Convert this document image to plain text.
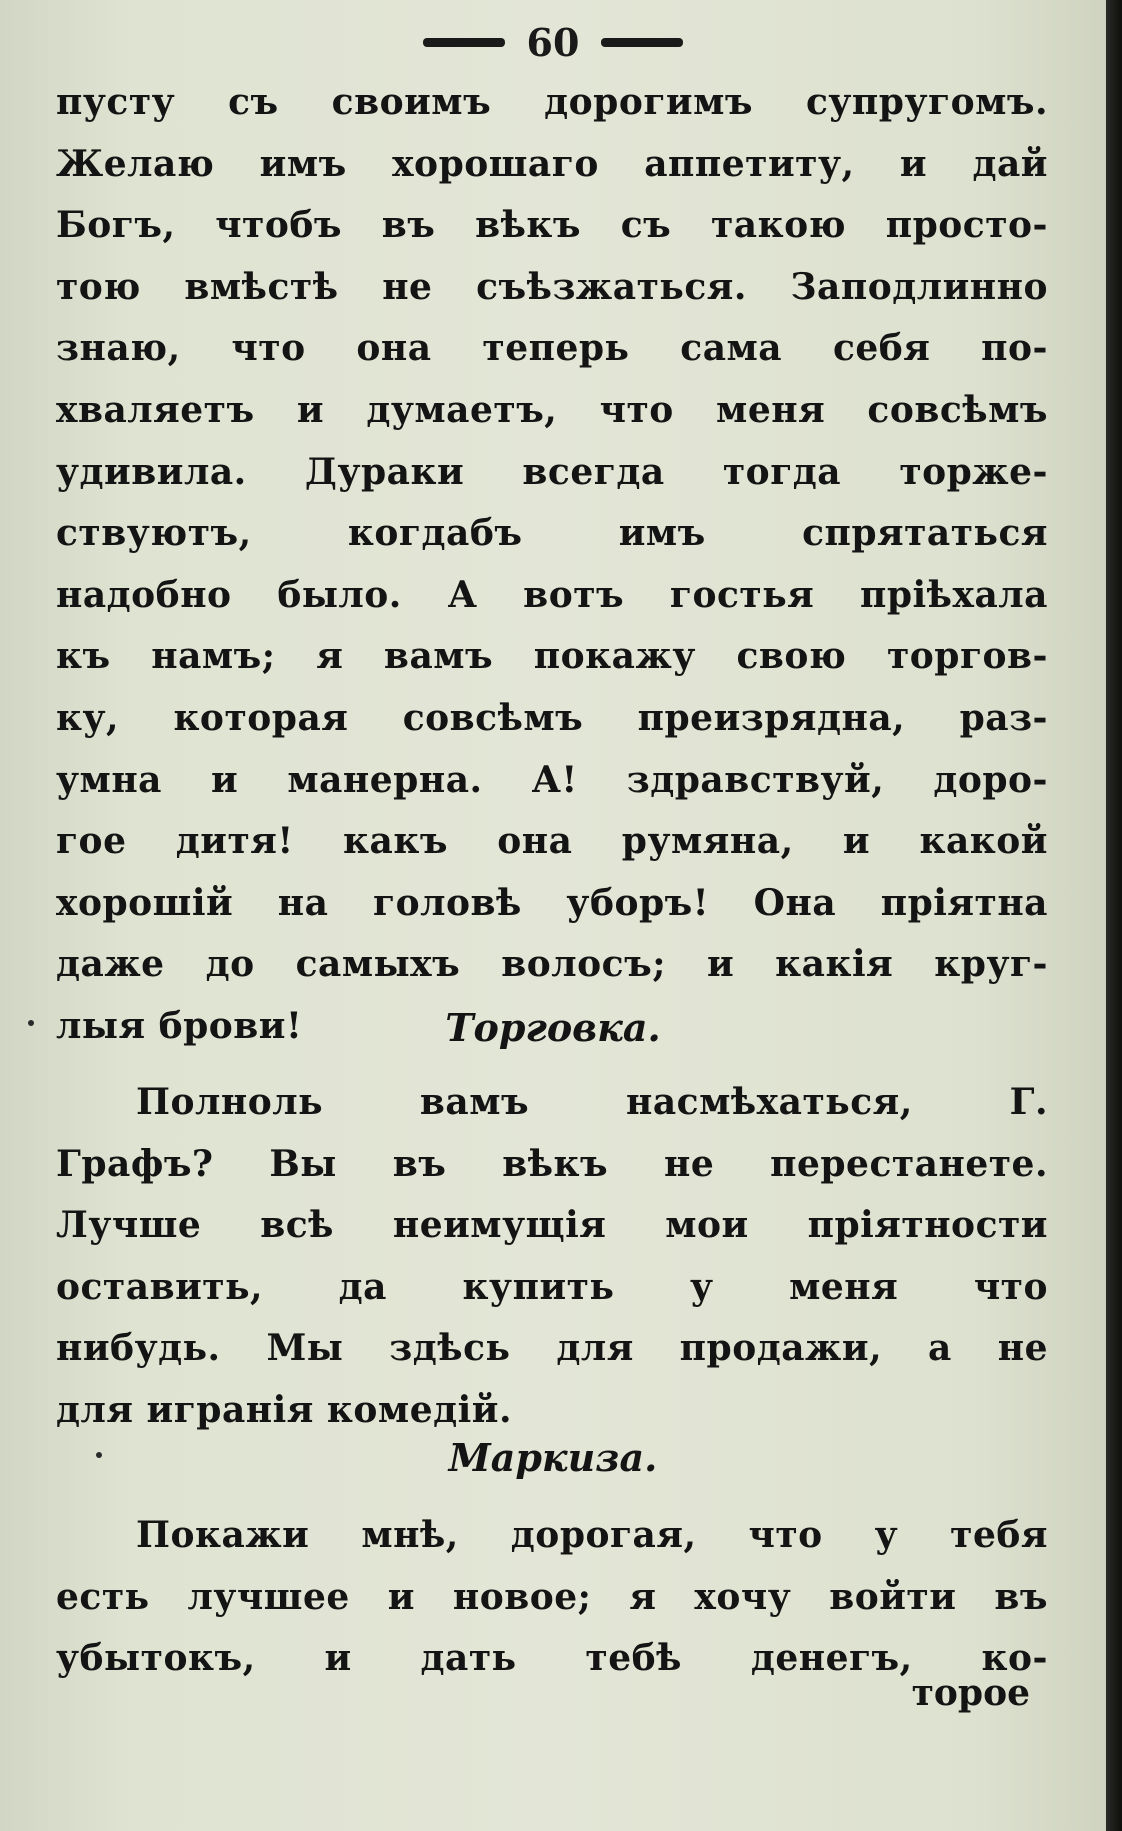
60
пусту съ своимъ дорогимъ супругомъ.
Желаю имъ хорошаго аппетиту, и дай
Богъ, чтобъ въ вѣкъ съ такою просто-
тою вмѣстѣ не съѣзжаться. Заподлинно
знаю, что она теперь сама себя по-
хваляетъ и думаетъ, что меня совсѣмъ
удивила. Дураки всегда тогда торже-
ствуютъ, когдабъ имъ спрятаться
надобно было. А вотъ гостья пріѣхала
къ намъ; я вамъ покажу свою торгов-
ку, которая совсѣмъ преизрядна, раз-
умна и манерна. А! здравствуй, доро-
гое дитя! какъ она румяна, и какой
хорошій на головѣ уборъ! Она пріятна
даже до самыхъ волосъ; и какія круг-
лыя брови!	Торговка.
Полноль вамъ насмѣхаться, Г.
Графъ? Вы въ вѣкъ не перестанете.
Лучше всѣ неимущія мои пріятности
оставить, да купить у меня что
нибудь. Мы здѣсь для продажи, а не
для игранія комедій.
Маркиза.
Покажи мнѣ, дорогая, что у тебя
есть лучшее и новое; я хочу войти въ
убытокъ, и дать тебѣ денегъ, ко-
торое
